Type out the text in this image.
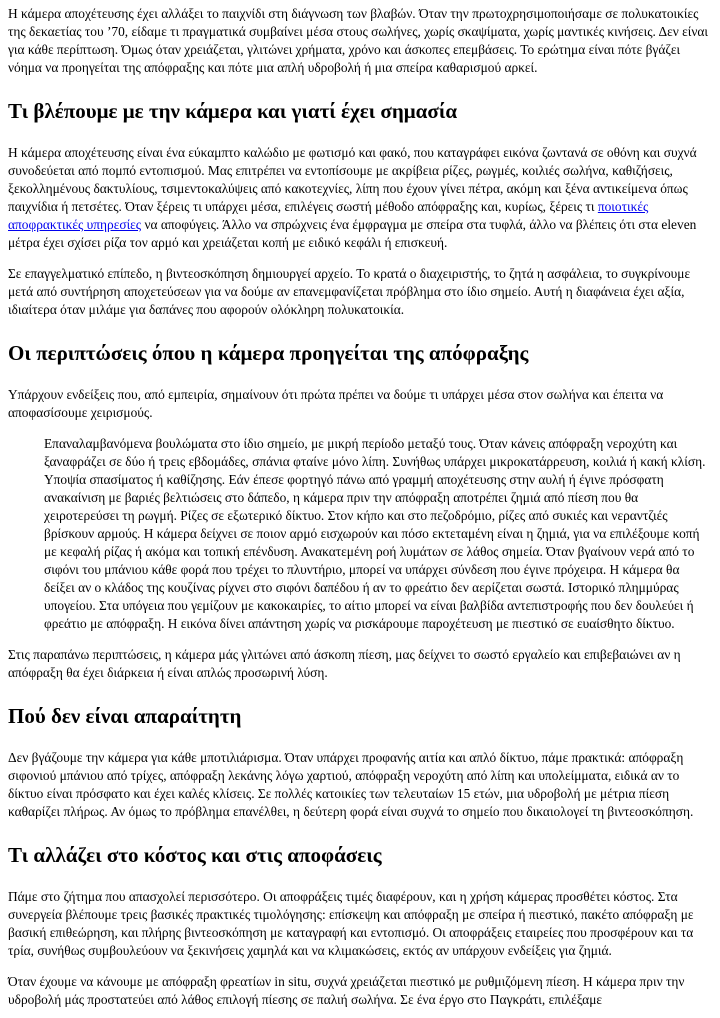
Η κάμερα αποχέτευσης έχει αλλάξει το παιχνίδι στη διάγνωση των βλαβών. Όταν την πρωτοχρησιμοποιήσαμε σε πολυκατοικίες της δεκαετίας του ’70, είδαμε τι πραγματικά συμβαίνει μέσα στους σωλήνες, χωρίς σκαψίματα, χωρίς μαντικές κινήσεις. Δεν είναι για κάθε περίπτωση. Όμως όταν χρειάζεται, γλιτώνει χρήματα, χρόνο και άσκοπες επεμβάσεις. Το ερώτημα είναι πότε βγάζει νόημα να προηγείται της απόφραξης και πότε μια απλή υδροβολή ή μια σπείρα καθαρισμού αρκεί.

Τι βλέπουμε με την κάμερα και γιατί έχει σημασία

Η κάμερα αποχέτευσης είναι ένα εύκαμπτο καλώδιο με φωτισμό και φακό, που καταγράφει εικόνα ζωντανά σε οθόνη και συχνά συνοδεύεται από πομπό εντοπισμού. Μας επιτρέπει να εντοπίσουμε με ακρίβεια ρίζες, ρωγμές, κοιλιές σωλήνα, καθιζήσεις, ξεκολλημένους δακτυλίους, τσιμεντοκαλύψεις από κακοτεχνίες, λίπη που έχουν γίνει πέτρα, ακόμη και ξένα αντικείμενα όπως παιχνίδια ή πετσέτες. Όταν ξέρεις τι υπάρχει μέσα, επιλέγεις σωστή μέθοδο απόφραξης και, κυρίως, ξέρεις τι ποιοτικές αποφρακτικές υπηρεσίες να αποφύγεις. Άλλο να σπρώχνεις ένα έμφραγμα με σπείρα στα τυφλά, άλλο να βλέπεις ότι στα eleven μέτρα έχει σχίσει ρίζα τον αρμό και χρειάζεται κοπή με ειδικό κεφάλι ή επισκευή.

Σε επαγγελματικό επίπεδο, η βιντεοσκόπηση δημιουργεί αρχείο. Το κρατά ο διαχειριστής, το ζητά η ασφάλεια, το συγκρίνουμε μετά από συντήρηση αποχετεύσεων για να δούμε αν επανεμφανίζεται πρόβλημα στο ίδιο σημείο. Αυτή η διαφάνεια έχει αξία, ιδιαίτερα όταν μιλάμε για δαπάνες που αφορούν ολόκληρη πολυκατοικία.

Οι περιπτώσεις όπου η κάμερα προηγείται της απόφραξης

Υπάρχουν ενδείξεις που, από εμπειρία, σημαίνουν ότι πρώτα πρέπει να δούμε τι υπάρχει μέσα στον σωλήνα και έπειτα να αποφασίσουμε χειρισμούς.

Επαναλαμβανόμενα βουλώματα στο ίδιο σημείο, με μικρή περίοδο μεταξύ τους. Όταν κάνεις απόφραξη νεροχύτη και ξαναφράζει σε δύο ή τρεις εβδομάδες, σπάνια φταίνε μόνο λίπη. Συνήθως υπάρχει μικροκατάρρευση, κοιλιά ή κακή κλίση. Υποψία σπασίματος ή καθίζησης. Εάν έπεσε φορτηγό πάνω από γραμμή αποχέτευσης στην αυλή ή έγινε πρόσφατη ανακαίνιση με βαριές βελτιώσεις στο δάπεδο, η κάμερα πριν την απόφραξη αποτρέπει ζημιά από πίεση που θα χειροτερεύσει τη ρωγμή. Ρίζες σε εξωτερικό δίκτυο. Στον κήπο και στο πεζοδρόμιο, ρίζες από συκιές και νεραντζιές βρίσκουν αρμούς. Η κάμερα δείχνει σε ποιον αρμό εισχωρούν και πόσο εκτεταμένη είναι η ζημιά, για να επιλέξουμε κοπή με κεφαλή ρίζας ή ακόμα και τοπική επένδυση. Ανακατεμένη ροή λυμάτων σε λάθος σημεία. Όταν βγαίνουν νερά από το σιφόνι του μπάνιου κάθε φορά που τρέχει το πλυντήριο, μπορεί να υπάρχει σύνδεση που έγινε πρόχειρα. Η κάμερα θα δείξει αν ο κλάδος της κουζίνας ρίχνει στο σιφόνι δαπέδου ή αν το φρεάτιο δεν αερίζεται σωστά. Ιστορικό πλημμύρας υπογείου. Στα υπόγεια που γεμίζουν με κακοκαιρίες, το αίτιο μπορεί να είναι βαλβίδα αντεπιστροφής που δεν δουλεύει ή φρεάτιο με απόφραξη. Η εικόνα δίνει απάντηση χωρίς να ρισκάρουμε παροχέτευση με πιεστικό σε ευαίσθητο δίκτυο.

Στις παραπάνω περιπτώσεις, η κάμερα μάς γλιτώνει από άσκοπη πίεση, μας δείχνει το σωστό εργαλείο και επιβεβαιώνει αν η απόφραξη θα έχει διάρκεια ή είναι απλώς προσωρινή λύση.

Πού δεν είναι απαραίτητη

Δεν βγάζουμε την κάμερα για κάθε μποτιλιάρισμα. Όταν υπάρχει προφανής αιτία και απλό δίκτυο, πάμε πρακτικά: απόφραξη σιφονιού μπάνιου από τρίχες, απόφραξη λεκάνης λόγω χαρτιού, απόφραξη νεροχύτη από λίπη και υπολείμματα, ειδικά αν το δίκτυο είναι πρόσφατο και έχει καλές κλίσεις. Σε πολλές κατοικίες των τελευταίων 15 ετών, μια υδροβολή με μέτρια πίεση καθαρίζει πλήρως. Αν όμως το πρόβλημα επανέλθει, η δεύτερη φορά είναι συχνά το σημείο που δικαιολογεί τη βιντεοσκόπηση.

Τι αλλάζει στο κόστος και στις αποφάσεις

Πάμε στο ζήτημα που απασχολεί περισσότερο. Οι αποφράξεις τιμές διαφέρουν, και η χρήση κάμερας προσθέτει κόστος. Στα συνεργεία βλέπουμε τρεις βασικές πρακτικές τιμολόγησης: επίσκεψη και απόφραξη με σπείρα ή πιεστικό, πακέτο απόφραξη με βασική επιθεώρηση, και πλήρης βιντεοσκόπηση με καταγραφή και εντοπισμό. Οι αποφράξεις εταιρείες που προσφέρουν και τα τρία, συνήθως συμβουλεύουν να ξεκινήσεις χαμηλά και να κλιμακώσεις, εκτός αν υπάρχουν ενδείξεις για ζημιά.

Όταν έχουμε να κάνουμε με απόφραξη φρεατίων in situ, συχνά χρειάζεται πιεστικό με ρυθμιζόμενη πίεση. Η κάμερα πριν την υδροβολή μάς προστατεύει από λάθος επιλογή πίεσης σε παλιή σωλήνα. Σε ένα έργο στο Παγκράτι, επιλέξαμε
